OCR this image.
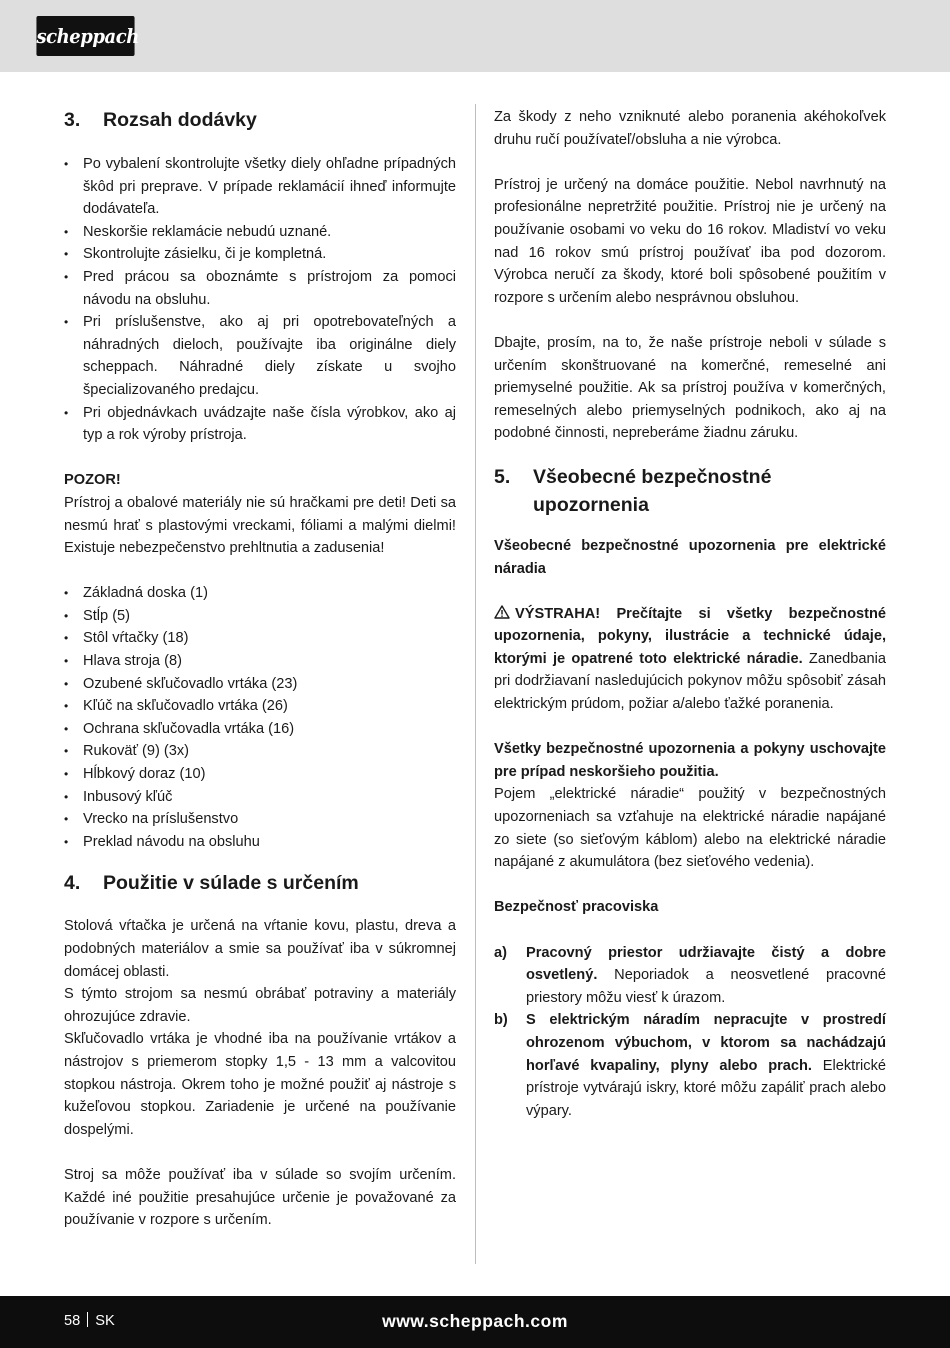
scheppach
3.	Rozsah dodávky
• Po vybalení skontrolujte všetky diely ohľadne prípadných škôd pri preprave. V prípade reklamácií ihneď informujte dodávateľa.
• Neskoršie reklamácie nebudú uznané.
• Skontrolujte zásielku, či je kompletná.
• Pred prácou sa oboznámte s prístrojom za pomoci návodu na obsluhu.
• Pri príslušenstve, ako aj pri opotrebovateľných a náhradných dieloch, používajte iba originálne diely scheppach. Náhradné diely získate u svojho špecializovaného predajcu.
• Pri objednávkach uvádzajte naše čísla výrobkov, ako aj typ a rok výroby prístroja.
POZOR!
Prístroj a obalové materiály nie sú hračkami pre deti! Deti sa nesmú hrať s plastovými vreckami, fóliami a malými dielmi! Existuje nebezpečenstvo prehltnutia a zadusenia!
• Základná doska (1)
• Stĺp (5)
• Stôl vŕtačky (18)
• Hlava stroja (8)
• Ozubené skľučovadlo vrtáka (23)
• Kľúč na skľučovadlo vrtáka (26)
• Ochrana skľučovadla vrtáka (16)
• Rukoväť (9) (3x)
• Hĺbkový doraz (10)
• Inbusový kľúč
• Vrecko na príslušenstvo
• Preklad návodu na obsluhu
4.	Použitie v súlade s určením
Stolová vŕtačka je určená na vŕtanie kovu, plastu, dreva a podobných materiálov a smie sa používať iba v súkromnej domácej oblasti.
S týmto strojom sa nesmú obrábať potraviny a materiály ohrozujúce zdravie.
Skľučovadlo vrtáka je vhodné iba na používanie vrtákov a nástrojov s priemerom stopky 1,5 - 13 mm a valcovitou stopkou nástroja. Okrem toho je možné použiť aj nástroje s kužeľovou stopkou. Zariadenie je určené na používanie dospelými.
Stroj sa môže používať iba v súlade so svojím určením. Každé iné použitie presahujúce určenie je považované za používanie v rozpore s určením.
Za škody z neho vzniknuté alebo poranenia akéhokoľvek druhu ručí používateľ/obsluha a nie výrobca.
Prístroj je určený na domáce použitie. Nebol navrhnutý na profesionálne nepretržité použitie. Prístroj nie je určený na používanie osobami vo veku do 16 rokov. Mladiství vo veku nad 16 rokov smú prístroj používať iba pod dozorom. Výrobca neručí za škody, ktoré boli spôsobené použitím v rozpore s určením alebo nesprávnou obsluhou.
Dbajte, prosím, na to, že naše prístroje neboli v súlade s určením skonštruované na komerčné, remeselné ani priemyselné použitie. Ak sa prístroj používa v komerčných, remeselných alebo priemyselných podnikoch, ako aj na podobné činnosti, nepreberáme žiadnu záruku.
5.	Všeobecné bezpečnostné upozornenia
Všeobecné bezpečnostné upozornenia pre elektrické náradia
VÝSTRAHA! Prečítajte si všetky bezpečnostné upozornenia, pokyny, ilustrácie a technické údaje, ktorými je opatrené toto elektrické náradie. Zanedbania pri dodržiavaní nasledujúcich pokynov môžu spôsobiť zásah elektrickým prúdom, požiar a/alebo ťažké poranenia.
Všetky bezpečnostné upozornenia a pokyny uschovajte pre prípad neskoršieho použitia.
Pojem „elektrické náradie“ použitý v bezpečnostných upozorneniach sa vzťahuje na elektrické náradie napájané zo siete (so sieťovým káblom) alebo na elektrické náradie napájané z akumulátora (bez sieťového vedenia).
Bezpečnosť pracoviska
a)	Pracovný priestor udržiavajte čistý a dobre osvetlený. Neporiadok a neosvetlené pracovné priestory môžu viesť k úrazom.
b)	S elektrickým náradím nepracujte v prostredí ohrozenom výbuchom, v ktorom sa nachádzajú horľavé kvapaliny, plyny alebo prach. Elektrické prístroje vytvárajú iskry, ktoré môžu zapáliť prach alebo výpary.
58 SK	www.scheppach.com
